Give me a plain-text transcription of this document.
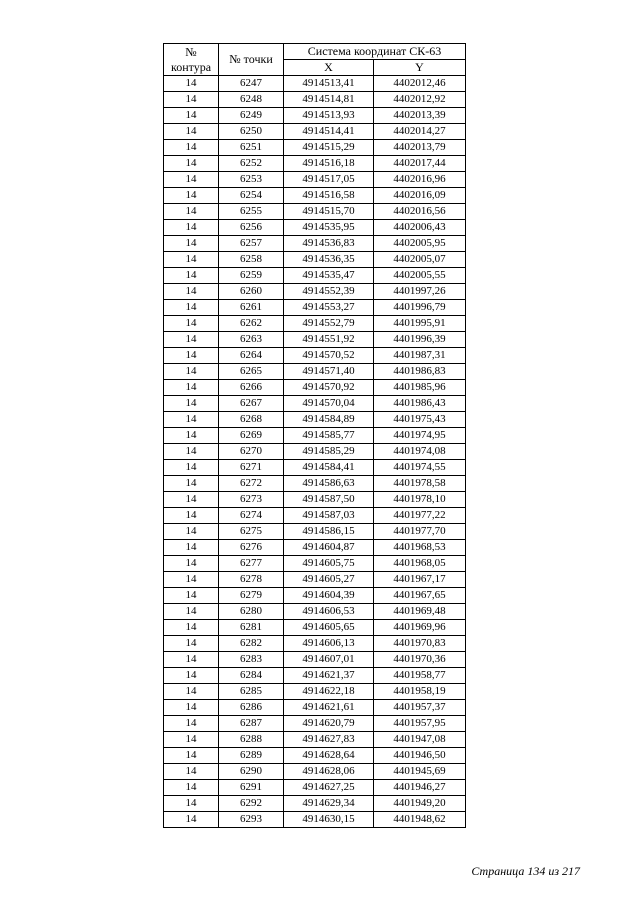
№
контура	№ точки	Система координат СК-63	
		X	Y
14	6247	4914513,41	4402012,46
14	6248	4914514,81	4402012,92
14	6249	4914513,93	4402013,39
14	6250	4914514,41	4402014,27
14	6251	4914515,29	4402013,79
14	6252	4914516,18	4402017,44
14	6253	4914517,05	4402016,96
14	6254	4914516,58	4402016,09
14	6255	4914515,70	4402016,56
14	6256	4914535,95	4402006,43
14	6257	4914536,83	4402005,95
14	6258	4914536,35	4402005,07
14	6259	4914535,47	4402005,55
14	6260	4914552,39	4401997,26
14	6261	4914553,27	4401996,79
14	6262	4914552,79	4401995,91
14	6263	4914551,92	4401996,39
14	6264	4914570,52	4401987,31
14	6265	4914571,40	4401986,83
14	6266	4914570,92	4401985,96
14	6267	4914570,04	4401986,43
14	6268	4914584,89	4401975,43
14	6269	4914585,77	4401974,95
14	6270	4914585,29	4401974,08
14	6271	4914584,41	4401974,55
14	6272	4914586,63	4401978,58
14	6273	4914587,50	4401978,10
14	6274	4914587,03	4401977,22
14	6275	4914586,15	4401977,70
14	6276	4914604,87	4401968,53
14	6277	4914605,75	4401968,05
14	6278	4914605,27	4401967,17
14	6279	4914604,39	4401967,65
14	6280	4914606,53	4401969,48
14	6281	4914605,65	4401969,96
14	6282	4914606,13	4401970,83
14	6283	4914607,01	4401970,36
14	6284	4914621,37	4401958,77
14	6285	4914622,18	4401958,19
14	6286	4914621,61	4401957,37
14	6287	4914620,79	4401957,95
14	6288	4914627,83	4401947,08
14	6289	4914628,64	4401946,50
14	6290	4914628,06	4401945,69
14	6291	4914627,25	4401946,27
14	6292	4914629,34	4401949,20
14	6293	4914630,15	4401948,62
Страница 134 из 217
